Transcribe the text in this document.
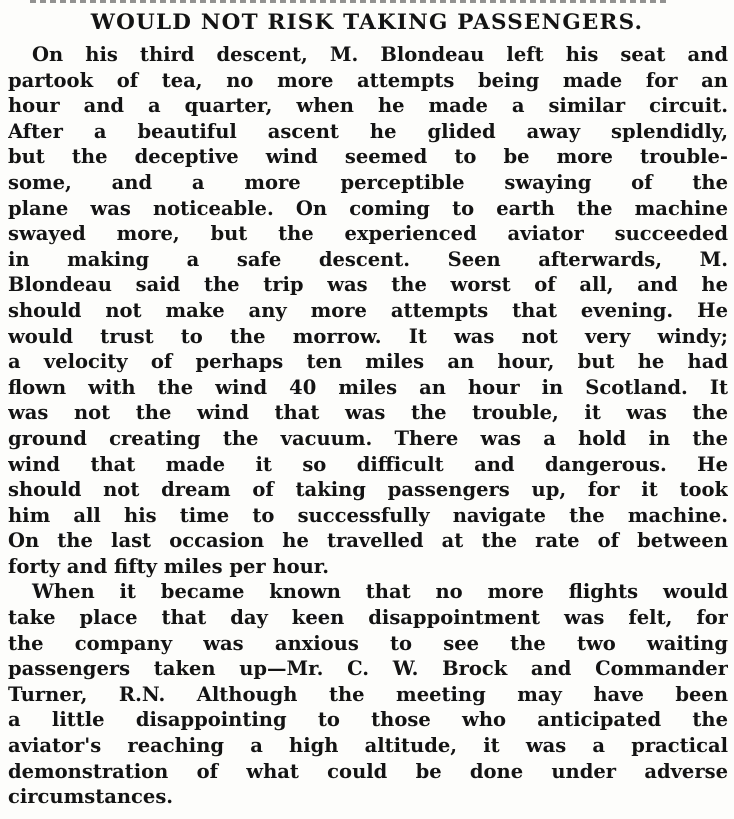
WOULD NOT RISK TAKING PASSENGERS.
On his third descent, M. Blondeau left his seat and
partook of tea, no more attempts being made for an
hour and a quarter, when he made a similar circuit.
After a beautiful ascent he glided away splendidly,
but the deceptive wind seemed to be more trouble-
some, and a more perceptible swaying of the
plane was noticeable. On coming to earth the machine
swayed more, but the experienced aviator succeeded
in making a safe descent. Seen afterwards, M.
Blondeau said the trip was the worst of all, and he
should not make any more attempts that evening. He
would trust to the morrow. It was not very windy;
a velocity of perhaps ten miles an hour, but he had
flown with the wind 40 miles an hour in Scotland. It
was not the wind that was the trouble, it was the
ground creating the vacuum. There was a hold in the
wind that made it so difficult and dangerous. He
should not dream of taking passengers up, for it took
him all his time to successfully navigate the machine.
On the last occasion he travelled at the rate of between
forty and fifty miles per hour.
When it became known that no more flights would
take place that day keen disappointment was felt, for
the company was anxious to see the two waiting
passengers taken up—Mr. C. W. Brock and Commander
Turner, R.N. Although the meeting may have been
a little disappointing to those who anticipated the
aviator's reaching a high altitude, it was a practical
demonstration of what could be done under adverse
circumstances.
